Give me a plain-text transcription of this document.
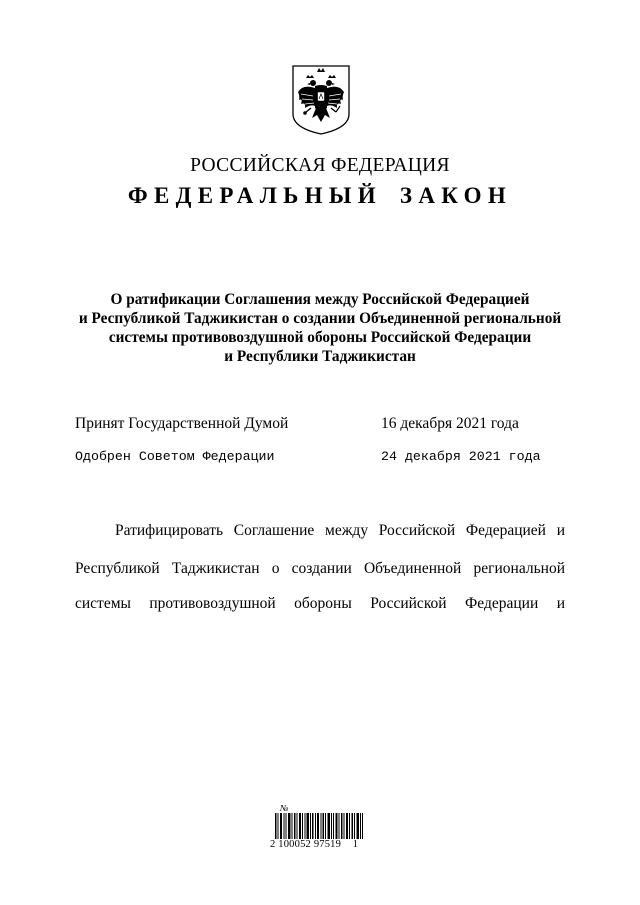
РОССИЙСКАЯ ФЕДЕРАЦИЯ
ФЕДЕРАЛЬНЫЙ ЗАКОН
О ратификации Соглашения между Российской Федерацией
и Республикой Таджикистан о создании Объединенной региональной
системы противовоздушной обороны Российской Федерации
и Республики Таджикистан
Принят Государственной Думой	16 декабря 2021 года
Одобрен Советом Федерации	24 декабря 2021 года
Ратифицировать Соглашение между Российской Федерацией и
Республикой Таджикистан о создании Объединенной региональной
системы противовоздушной обороны Российской Федерации и
№
2 100052 97519 1
